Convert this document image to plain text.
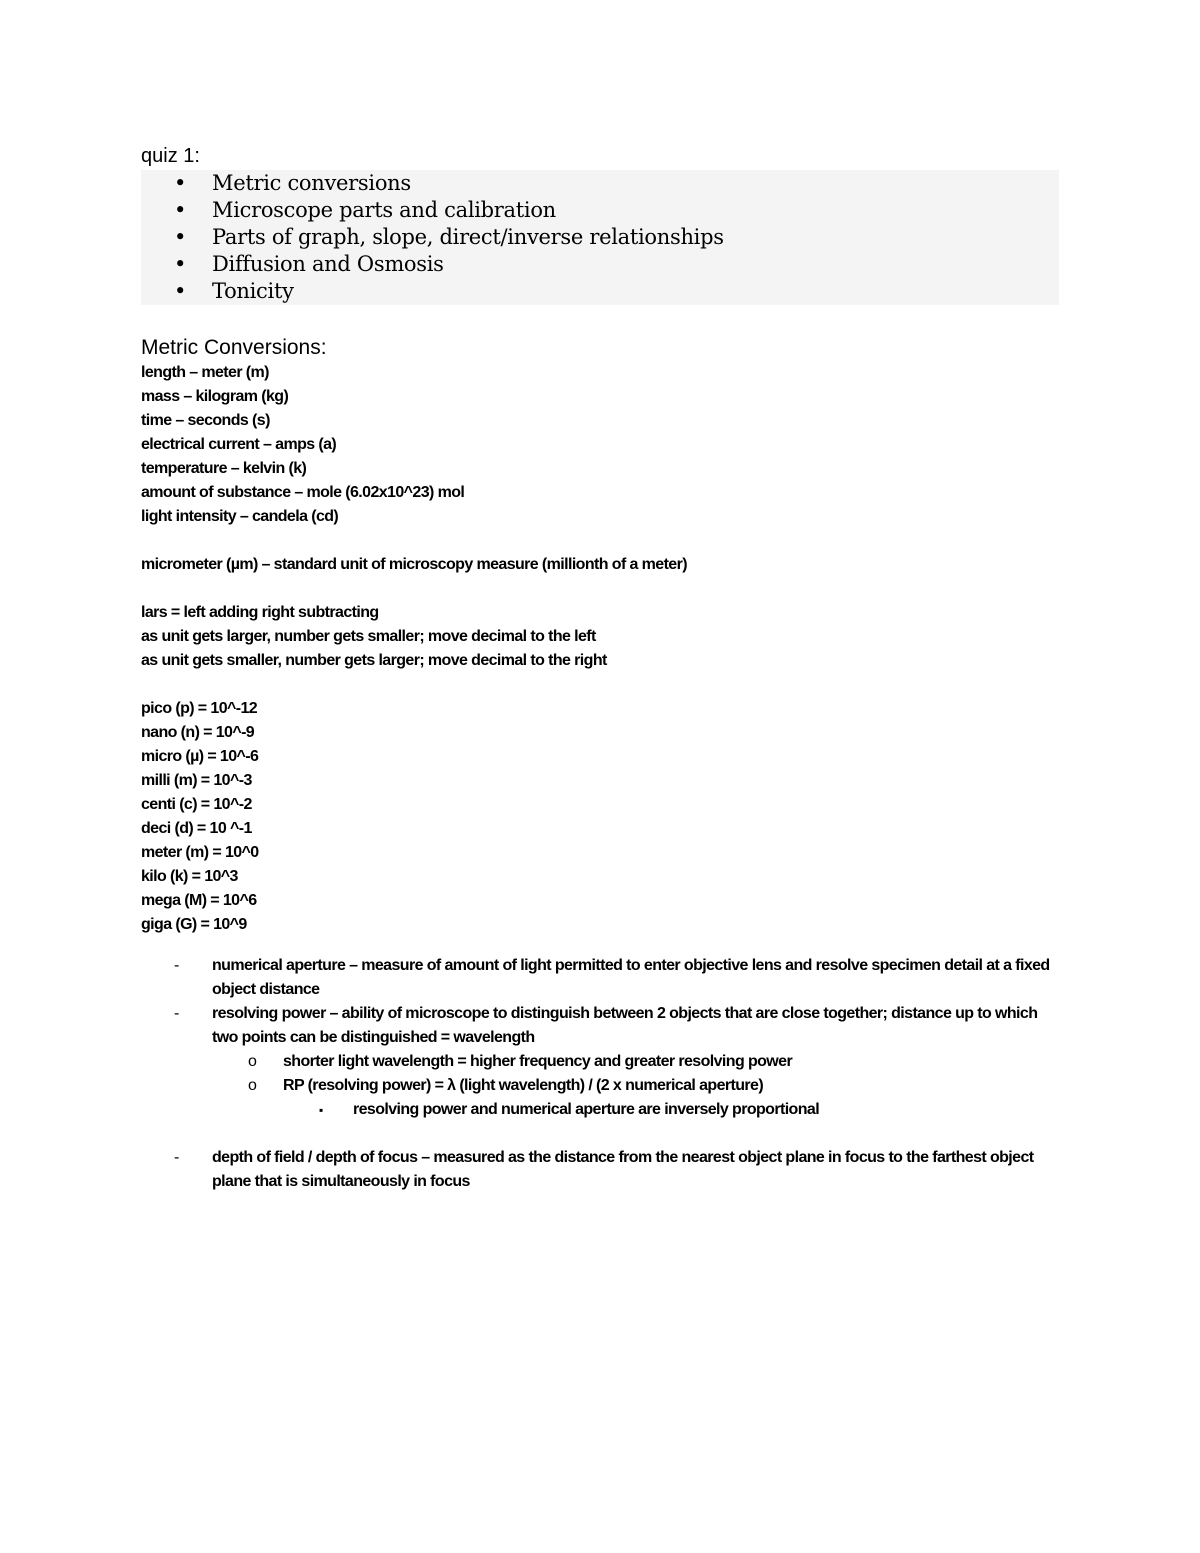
quiz 1:
• Metric conversions
• Microscope parts and calibration
• Parts of graph, slope, direct/inverse relationships
• Diffusion and Osmosis
• Tonicity
Metric Conversions:
length – meter (m)
mass – kilogram (kg)
time – seconds (s)
electrical current – amps (a)
temperature – kelvin (k)
amount of substance – mole (6.02x10^23) mol
light intensity – candela (cd)
micrometer (µm) – standard unit of microscopy measure (millionth of a meter)
lars = left adding right subtracting
as unit gets larger, number gets smaller; move decimal to the left
as unit gets smaller, number gets larger; move decimal to the right
pico (p) = 10^-12
nano (n) = 10^-9
micro (µ) = 10^-6
milli (m) = 10^-3
centi (c) = 10^-2
deci (d) = 10 ^-1
meter (m) = 10^0
kilo (k) = 10^3
mega (M) = 10^6
giga (G) = 10^9
- numerical aperture – measure of amount of light permitted to enter objective lens and resolve specimen detail at a fixed object distance
- resolving power – ability of microscope to distinguish between 2 objects that are close together; distance up to which two points can be distinguished = wavelength
o shorter light wavelength = higher frequency and greater resolving power
o RP (resolving power) = λ (light wavelength) / (2 x numerical aperture)
▪ resolving power and numerical aperture are inversely proportional
- depth of field / depth of focus – measured as the distance from the nearest object plane in focus to the farthest object plane that is simultaneously in focus
